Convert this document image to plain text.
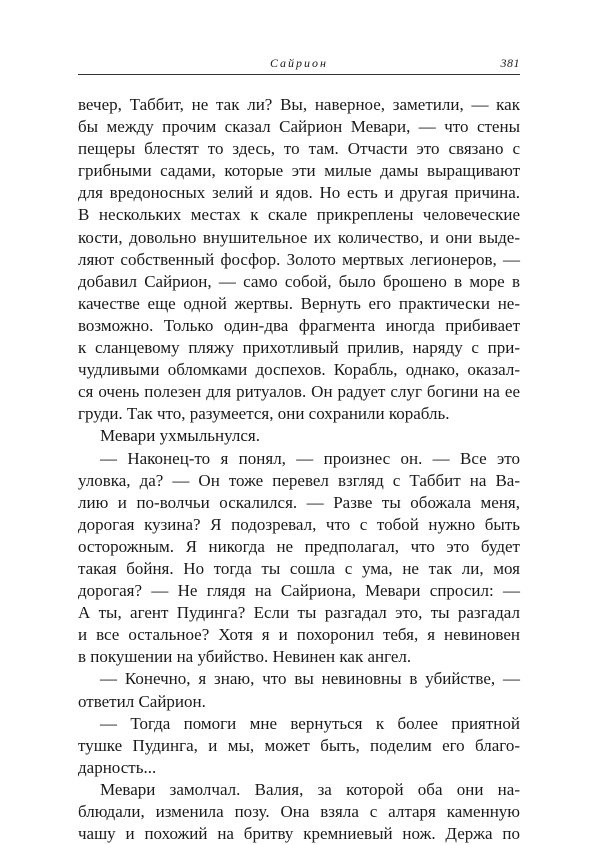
Сайрион	381
вечер, Таббит, не так ли? Вы, наверное, заметили, — как
бы между прочим сказал Сайрион Мевари, — что стены
пещеры блестят то здесь, то там. Отчасти это связано с
грибными садами, которые эти милые дамы выращивают
для вредоносных зелий и ядов. Но есть и другая причина.
В нескольких местах к скале прикреплены человеческие
кости, довольно внушительное их количество, и они выде-
ляют собственный фосфор. Золото мертвых легионеров, —
добавил Сайрион, — само собой, было брошено в море в
качестве еще одной жертвы. Вернуть его практически не-
возможно. Только один-два фрагмента иногда прибивает
к сланцевому пляжу прихотливый прилив, наряду с при-
чудливыми обломками доспехов. Корабль, однако, оказал-
ся очень полезен для ритуалов. Он радует слуг богини на ее
груди. Так что, разумеется, они сохранили корабль.
Мевари ухмыльнулся.
— Наконец-то я понял, — произнес он. — Все это
уловка, да? — Он тоже перевел взгляд с Таббит на Ва-
лию и по-волчьи оскалился. — Разве ты обожала меня,
дорогая кузина? Я подозревал, что с тобой нужно быть
осторожным. Я никогда не предполагал, что это будет
такая бойня. Но тогда ты сошла с ума, не так ли, моя
дорогая? — Не глядя на Сайриона, Мевари спросил: —
А ты, агент Пудинга? Если ты разгадал это, ты разгадал
и все остальное? Хотя я и похоронил тебя, я невиновен
в покушении на убийство. Невинен как ангел.
— Конечно, я знаю, что вы невиновны в убийстве, —
ответил Сайрион.
— Тогда помоги мне вернуться к более приятной
тушке Пудинга, и мы, может быть, поделим его благо-
дарность...
Мевари замолчал. Валия, за которой оба они на-
блюдали, изменила позу. Она взяла с алтаря каменную
чашу и похожий на бритву кремниевый нож. Держа по
